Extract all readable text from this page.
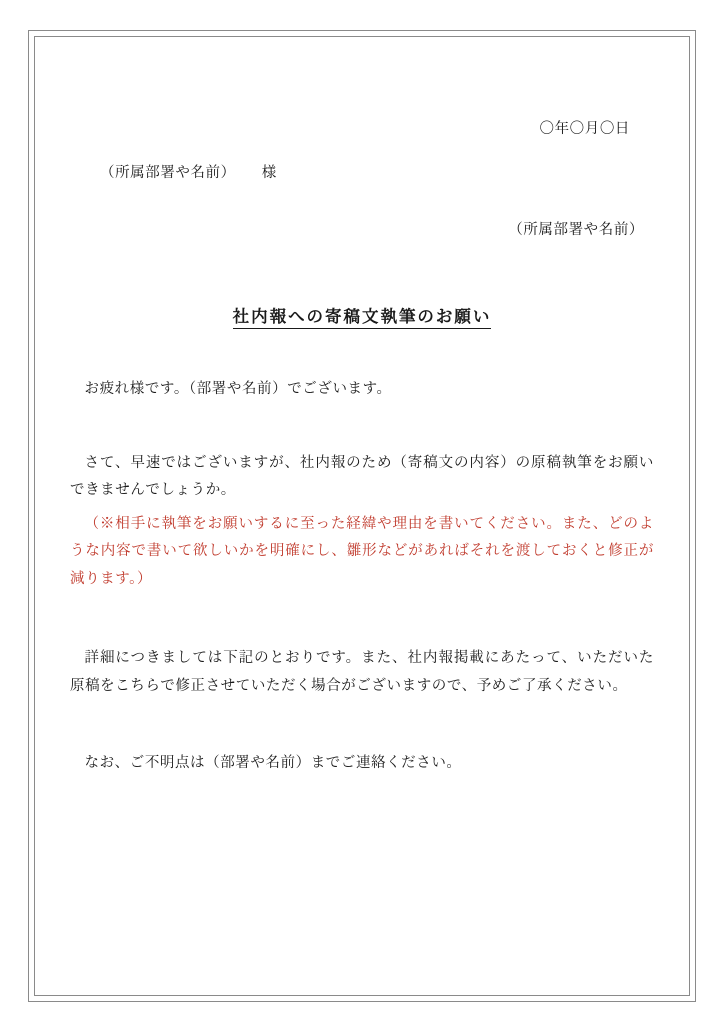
〇年〇月〇日

（所属部署や名前） 様

（所属部署や名前）

社内報への寄稿文執筆のお願い

お疲れ様です。（部署や名前）でございます。

さて、早速ではございますが、社内報のため（寄稿文の内容）の原稿執筆をお願いできませんでしょうか。

（※相手に執筆をお願いするに至った経緯や理由を書いてください。また、どのような内容で書いて欲しいかを明確にし、雛形などがあればそれを渡しておくと修正が減ります。）

詳細につきましては下記のとおりです。また、社内報掲載にあたって、いただいた原稿をこちらで修正させていただく場合がございますので、予めご了承ください。

なお、ご不明点は（部署や名前）までご連絡ください。
